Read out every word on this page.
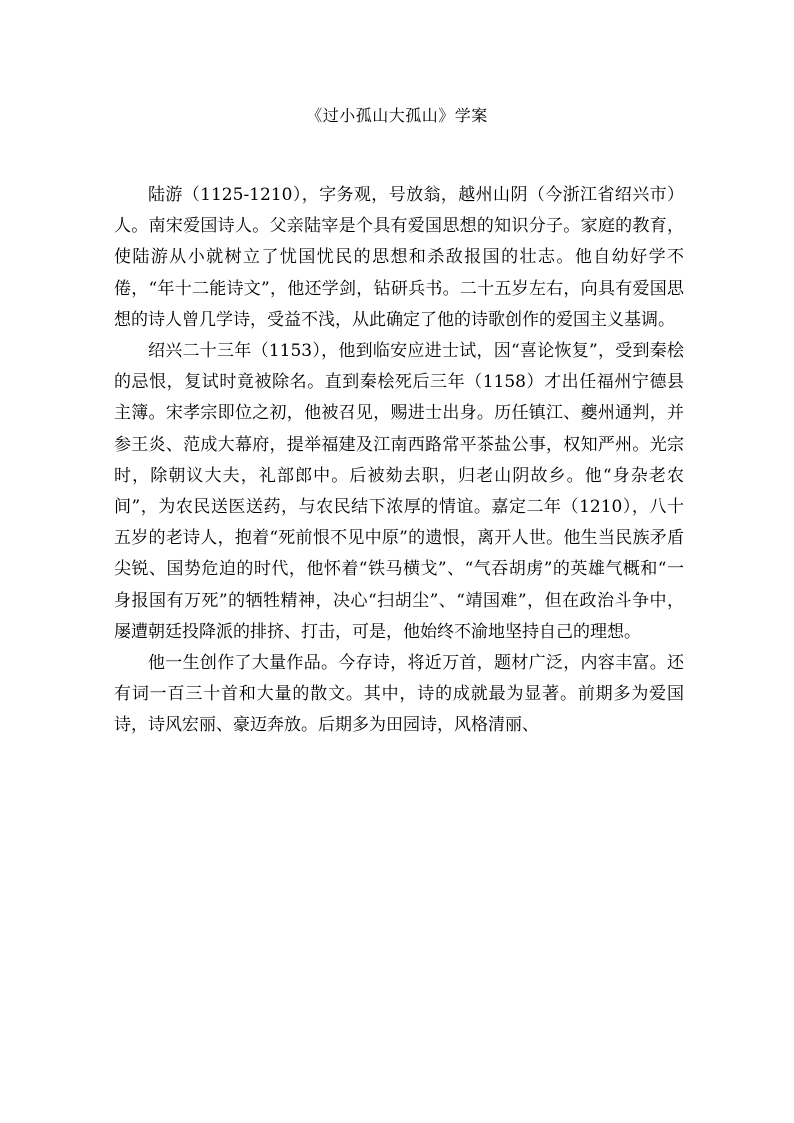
《过小孤山大孤山》学案

陆游（1125-1210），字务观，号放翁，越州山阴（今浙江省绍兴市）人。南宋爱国诗人。父亲陆宰是个具有爱国思想的知识分子。家庭的教育，使陆游从小就树立了忧国忧民的思想和杀敌报国的壮志。他自幼好学不倦，“年十二能诗文”，他还学剑，钻研兵书。二十五岁左右，向具有爱国思想的诗人曾几学诗，受益不浅，从此确定了他的诗歌创作的爱国主义基调。

绍兴二十三年（1153），他到临安应进士试，因“喜论恢复”，受到秦桧的忌恨，复试时竟被除名。直到秦桧死后三年（1158）才出任福州宁德县主簿。宋孝宗即位之初，他被召见，赐进士出身。历任镇江、夔州通判，并参王炎、范成大幕府，提举福建及江南西路常平茶盐公事，权知严州。光宗时，除朝议大夫，礼部郎中。后被劾去职，归老山阴故乡。他“身杂老农间”，为农民送医送药，与农民结下浓厚的情谊。嘉定二年（1210），八十五岁的老诗人，抱着“死前恨不见中原”的遗恨，离开人世。他生当民族矛盾尖锐、国势危迫的时代，他怀着“铁马横戈”、“气吞胡虏”的英雄气概和“一身报国有万死”的牺牲精神，决心“扫胡尘”、“靖国难”，但在政治斗争中，屡遭朝廷投降派的排挤、打击，可是，他始终不渝地坚持自己的理想。

他一生创作了大量作品。今存诗，将近万首，题材广泛，内容丰富。还有词一百三十首和大量的散文。其中，诗的成就最为显著。前期多为爱国诗，诗风宏丽、豪迈奔放。后期多为田园诗，风格清丽、
